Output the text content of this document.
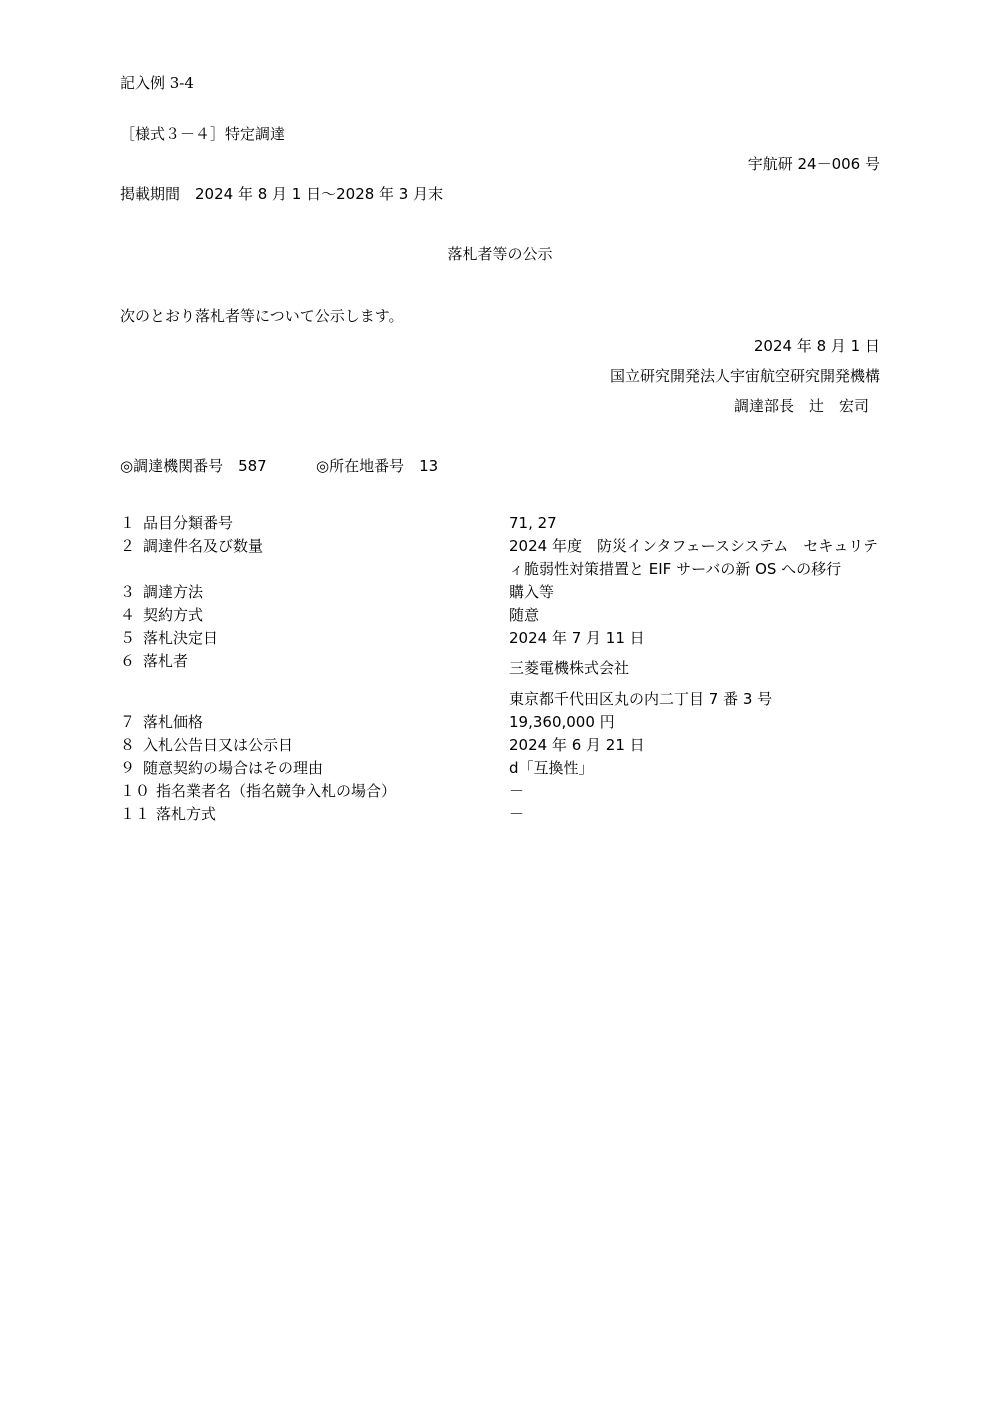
記入例 3-4
［様式３－４］特定調達
宇航研 24－006 号
掲載期間　2024 年 8 月 1 日～2028 年 3 月末
落札者等の公示
次のとおり落札者等について公示します。
2024 年 8 月 1 日
国立研究開発法人宇宙航空研究開発機構
調達部長　辻　宏司
◎調達機関番号　587	◎所在地番号　13
１ 品目分類番号	71, 27
２ 調達件名及び数量	2024 年度　防災インタフェースシステム　セキュリテ
ィ脆弱性対策措置と EIF サーバの新 OS への移行
３ 調達方法	購入等
４ 契約方式	随意
５ 落札決定日	2024 年 7 月 11 日
６ 落札者	三菱電機株式会社
東京都千代田区丸の内二丁目 7 番 3 号
７ 落札価格	19,360,000 円
８ 入札公告日又は公示日	2024 年 6 月 21 日
９ 随意契約の場合はその理由	d「互換性」
１０ 指名業者名（指名競争入札の場合）	－
１１ 落札方式	－
